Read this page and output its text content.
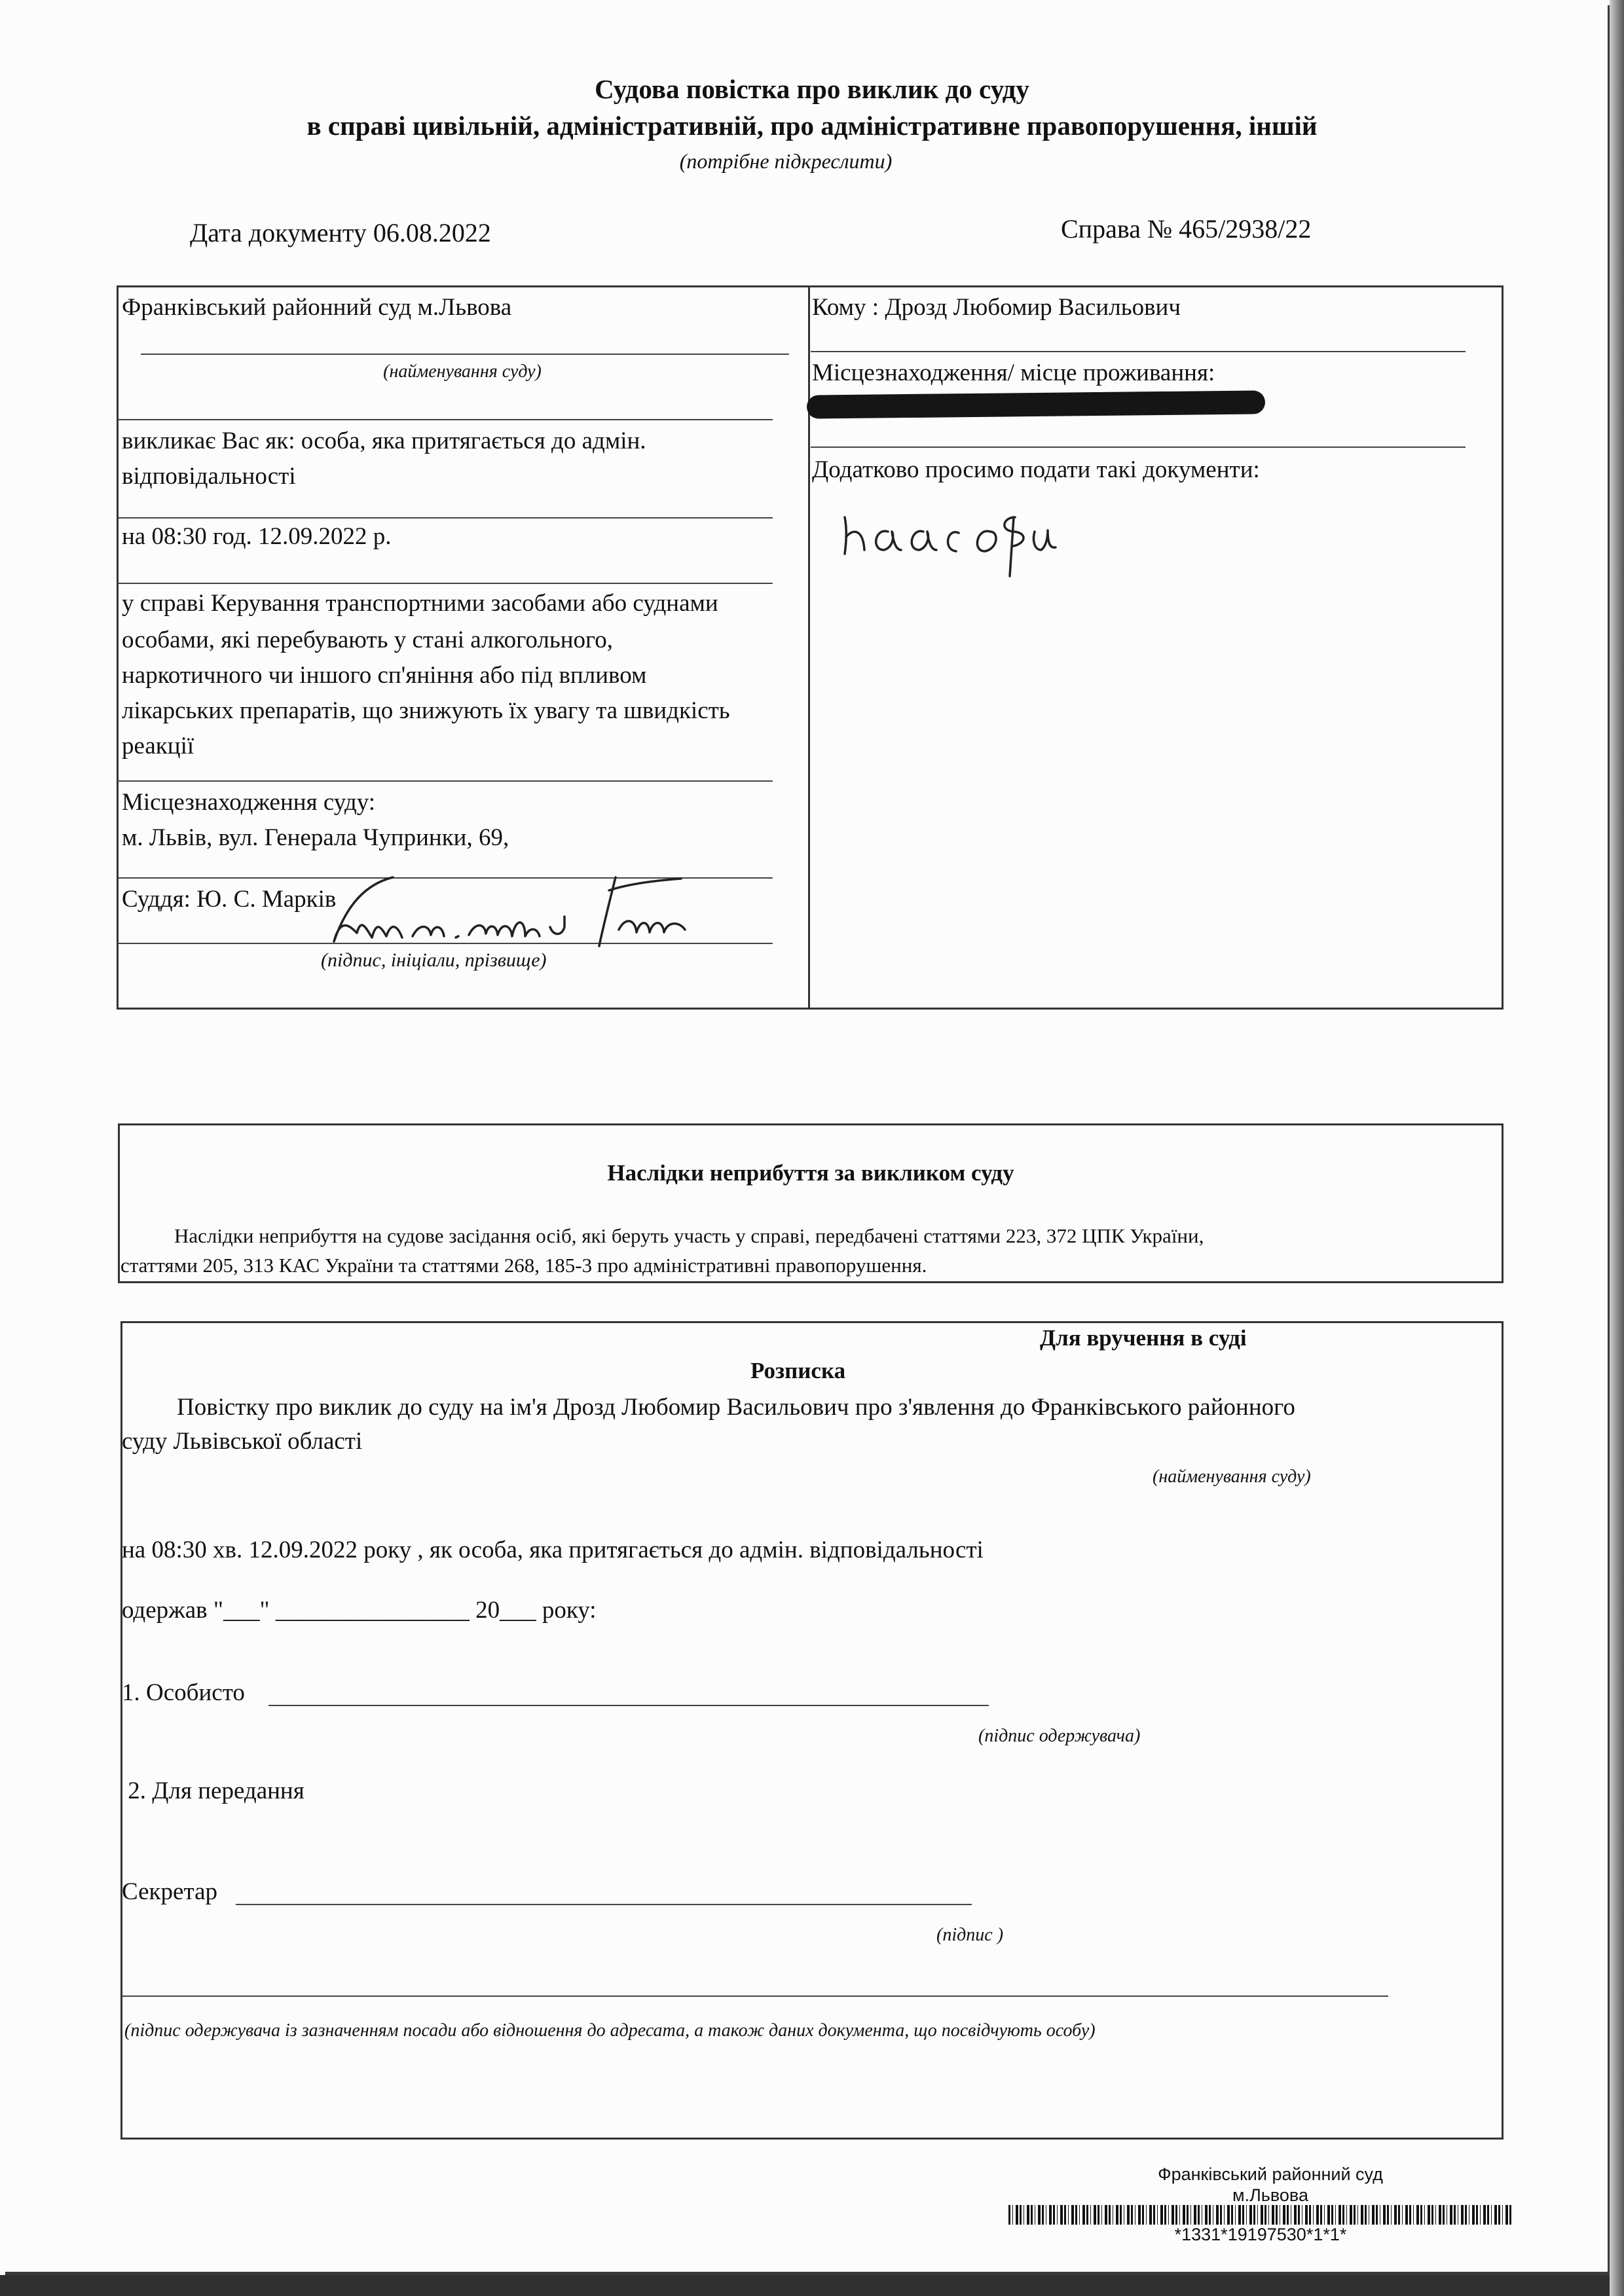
Судова повістка про виклик до суду
в справі цивільній, адміністративній, про адміністративне правопорушення, іншій
(потрібне підкреслити)
Дата документу 06.08.2022	Справа № 465/2938/22
Франківський районний суд м.Львова
(найменування суду)
викликає Вас як: особа, яка притягається до адмін.
відповідальності
на 08:30 год. 12.09.2022 р.
у справі Керування транспортними засобами або суднами
особами, які перебувають у стані алкогольного,
наркотичного чи іншого сп'яніння або під впливом
лікарських препаратів, що знижують їх увагу та швидкість
реакції
Місцезнаходження суду:
м. Львів, вул. Генерала Чупринки, 69,
Суддя: Ю. С. Марків
(підпис, ініціали, прізвище)
Кому : Дрозд Любомир Васильович
Місцезнаходження/ місце проживання:
Додатково просимо подати такі документи:
Наслідки неприбуття за викликом суду
Наслідки неприбуття на судове засідання осіб, які беруть участь у справі, передбачені статтями 223, 372 ЦПК України,
статтями 205, 313 КАС України та статтями 268, 185-3 про адміністративні правопорушення.
Для вручення в суді
Розписка
Повістку про виклик до суду на ім'я Дрозд Любомир Васильович про з'явлення до Франківського районного
суду Львівської області
(найменування суду)
на 08:30 хв. 12.09.2022 року , як особа, яка притягається до адмін. відповідальності
одержав "___" ________________ 20___ року:
1. Особисто
(підпис одержувача)
2. Для передання
Секретар
(підпис )
(підпис одержувача із зазначенням посади або відношення до адресата, а також даних документа, що посвідчують особу)
Франківський районний суд
м.Львова
*1331*19197530*1*1*
